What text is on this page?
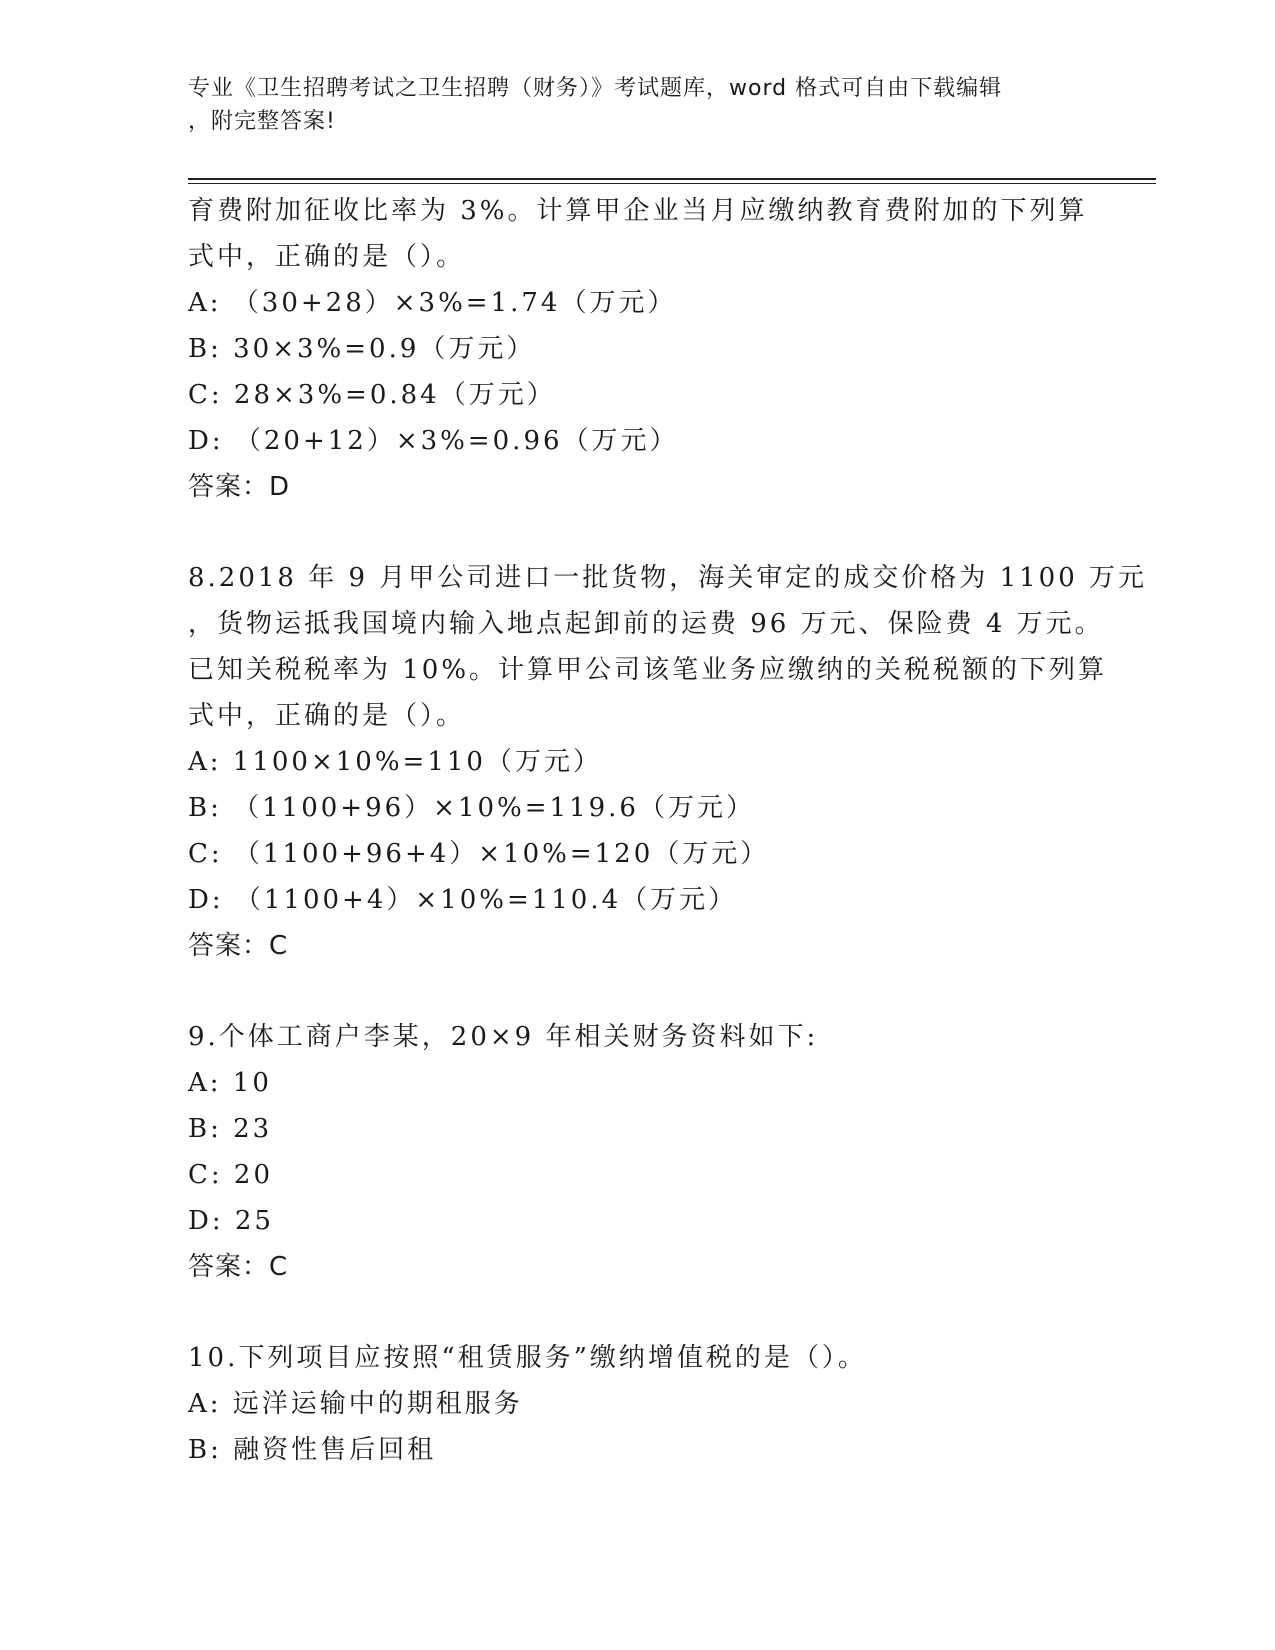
专业《卫生招聘考试之卫生招聘（财务）》考试题库，word 格式可自由下载编辑
，附完整答案!
育费附加征收比率为 3%。计算甲企业当月应缴纳教育费附加的下列算
式中，正确的是（）。
A: （30+28）×3%=1.74（万元）
B: 30×3%=0.9（万元）
C: 28×3%=0.84（万元）
D: （20+12）×3%=0.96（万元）
答案：D
8.2018 年 9 月甲公司进口一批货物，海关审定的成交价格为 1100 万元
，货物运抵我国境内输入地点起卸前的运费 96 万元、保险费 4 万元。
已知关税税率为 10%。计算甲公司该笔业务应缴纳的关税税额的下列算
式中，正确的是（）。
A: 1100×10%=110（万元）
B: （1100+96）×10%=119.6（万元）
C: （1100+96+4）×10%=120（万元）
D: （1100+4）×10%=110.4（万元）
答案：C
9.个体工商户李某，20×9 年相关财务资料如下:
A: 10
B: 23
C: 20
D: 25
答案：C
10.下列项目应按照“租赁服务”缴纳增值税的是（）。
A: 远洋运输中的期租服务
B: 融资性售后回租
